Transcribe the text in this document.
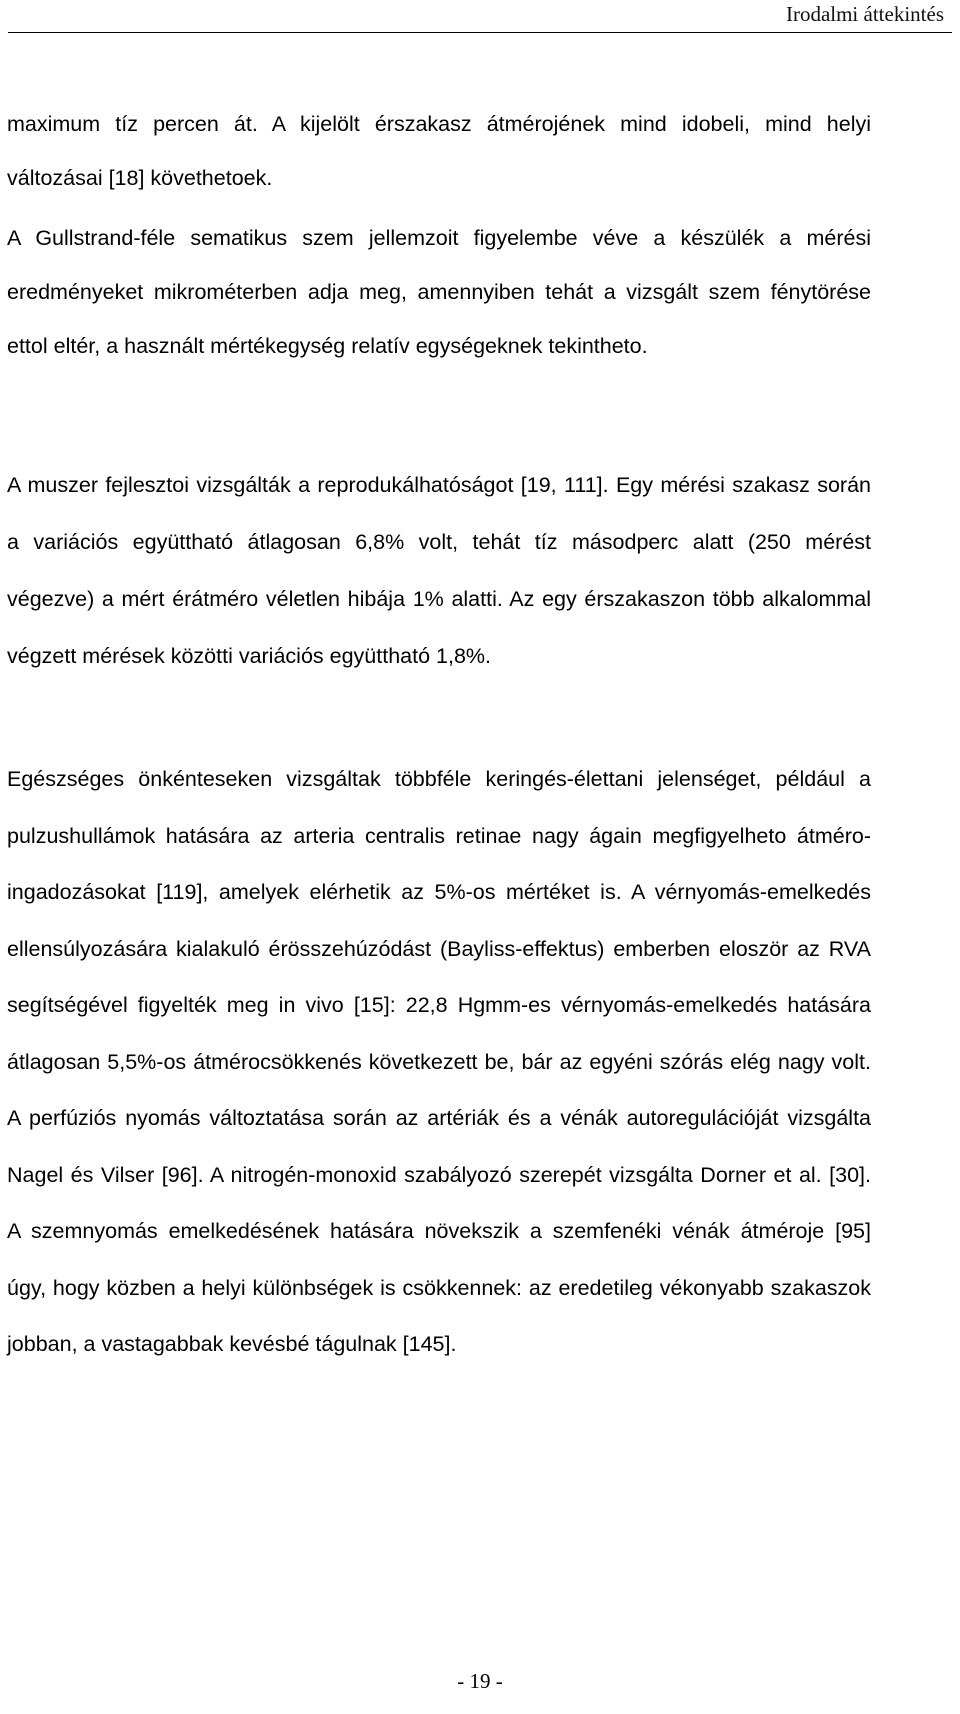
Irodalmi áttekintés

maximum tíz percen át. A kijelölt érszakasz átmérojének mind idobeli, mind helyi változásai [18] követhetoek.

A Gullstrand-féle sematikus szem jellemzoit figyelembe véve a készülék a mérési eredményeket mikrométerben adja meg, amennyiben tehát a vizsgált szem fénytörése ettol eltér, a használt mértékegység relatív egységeknek tekintheto.

A muszer fejlesztoi vizsgálták a reprodukálhatóságot [19, 111]. Egy mérési szakasz során a variációs együttható átlagosan 6,8% volt, tehát tíz másodperc alatt (250 mérést végezve) a mért érátméro véletlen hibája 1% alatti. Az egy érszakaszon több alkalommal végzett mérések közötti variációs együttható 1,8%.

Egészséges önkénteseken vizsgáltak többféle keringés-élettani jelenséget, például a pulzushullámok hatására az arteria centralis retinae nagy ágain megfigyelheto átméro-ingadozásokat [119], amelyek elérhetik az 5%-os mértéket is. A vérnyomás-emelkedés ellensúlyozására kialakuló érösszehúzódást (Bayliss-effektus) emberben eloször az RVA segítségével figyelték meg in vivo [15]: 22,8 Hgmm-es vérnyomás-emelkedés hatására átlagosan 5,5%-os átmérocsökkenés következett be, bár az egyéni szórás elég nagy volt. A perfúziós nyomás változtatása során az artériák és a vénák autoregulációját vizsgálta Nagel és Vilser [96]. A nitrogén-monoxid szabályozó szerepét vizsgálta Dorner et al. [30]. A szemnyomás emelkedésének hatására növekszik a szemfenéki vénák átméroje [95] úgy, hogy közben a helyi különbségek is csökkennek: az eredetileg vékonyabb szakaszok jobban, a vastagabbak kevésbé tágulnak [145].

- 19 -
